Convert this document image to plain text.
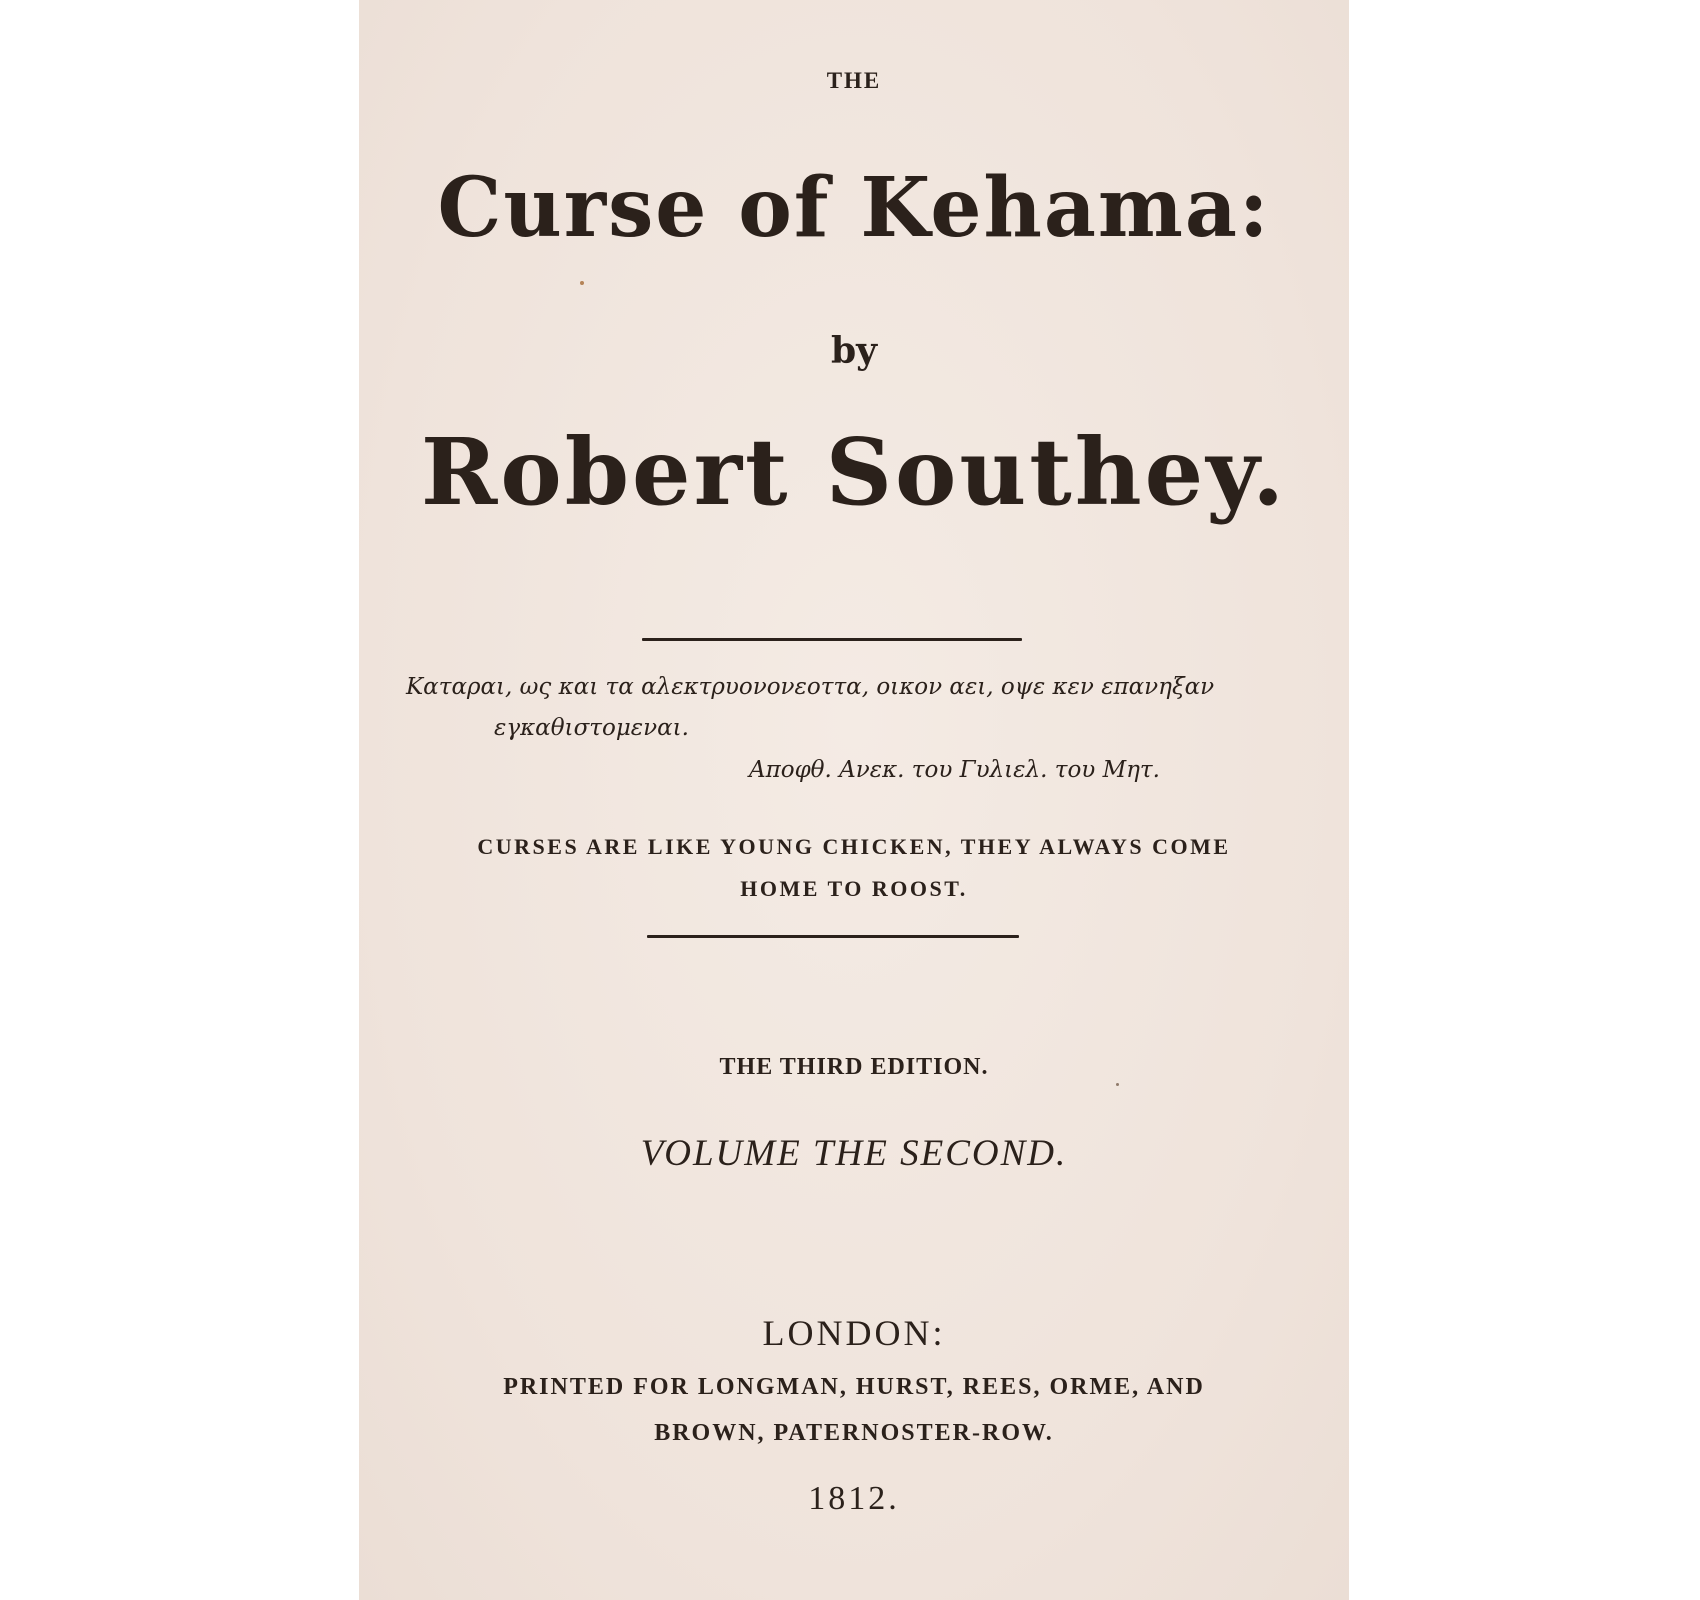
THE
Curse of Kehama:
by
Robert Southey.
Καταραι, ως και τα αλεκτρυονονεοττα, οικον αει, οψε κεν επανηξαν
εγκαθιστομεναι.
Αποφθ. Ανεκ. του Γυλιελ. του Μητ.
CURSES ARE LIKE YOUNG CHICKEN, THEY ALWAYS COME
HOME TO ROOST.
THE THIRD EDITION.
VOLUME THE SECOND.
LONDON:
PRINTED FOR LONGMAN, HURST, REES, ORME, AND
BROWN, PATERNOSTER-ROW.
1812.
